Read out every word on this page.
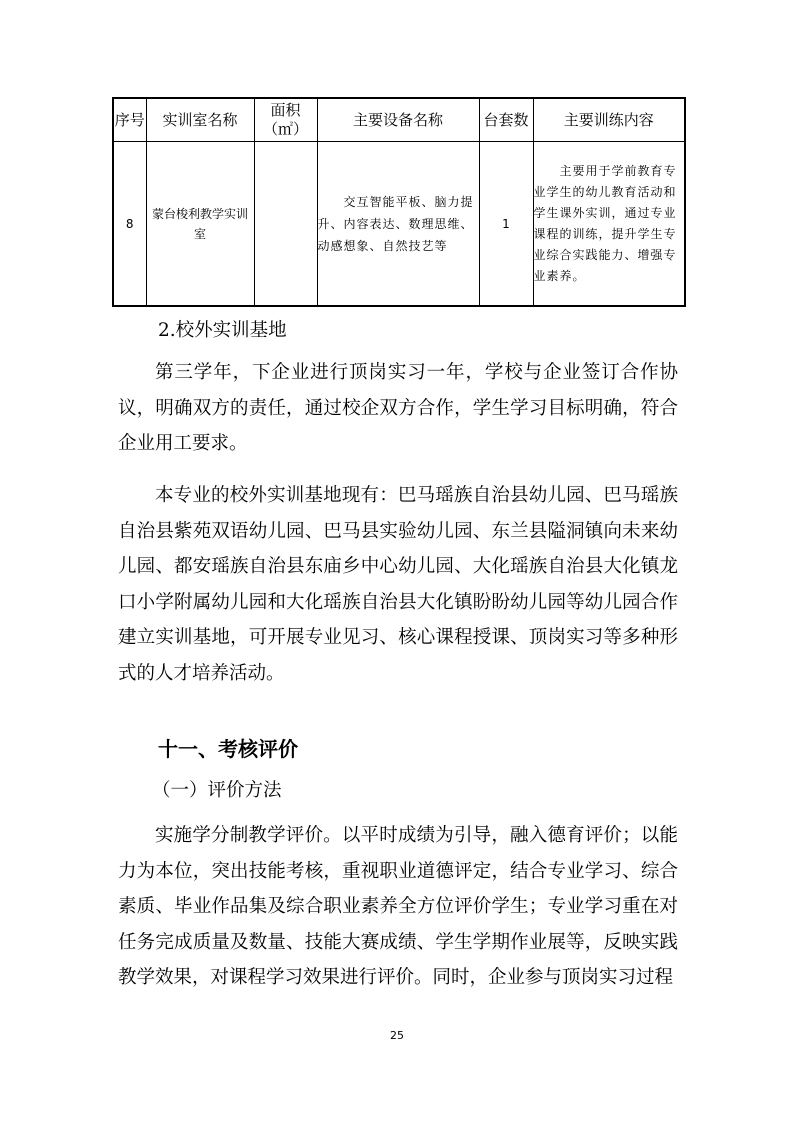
序号	实训室名称	面积（㎡）	主要设备名称	台套数	主要训练内容
8	蒙台梭利教学实训室		交互智能平板、脑力提升、内容表达、数理思维、动感想象、自然技艺等	1	主要用于学前教育专业学生的幼儿教育活动和学生课外实训，通过专业课程的训练，提升学生专业综合实践能力、增强专业素养。

2.校外实训基地

第三学年，下企业进行顶岗实习一年，学校与企业签订合作协议，明确双方的责任，通过校企双方合作，学生学习目标明确，符合企业用工要求。

本专业的校外实训基地现有：巴马瑶族自治县幼儿园、巴马瑶族自治县紫苑双语幼儿园、巴马县实验幼儿园、东兰县隘洞镇向未来幼儿园、都安瑶族自治县东庙乡中心幼儿园、大化瑶族自治县大化镇龙口小学附属幼儿园和大化瑶族自治县大化镇盼盼幼儿园等幼儿园合作建立实训基地，可开展专业见习、核心课程授课、顶岗实习等多种形式的人才培养活动。

十一、考核评价

（一）评价方法

实施学分制教学评价。以平时成绩为引导，融入德育评价；以能力为本位，突出技能考核，重视职业道德评定，结合专业学习、综合素质、毕业作品集及综合职业素养全方位评价学生；专业学习重在对任务完成质量及数量、技能大赛成绩、学生学期作业展等，反映实践教学效果，对课程学习效果进行评价。同时，企业参与顶岗实习过程

25
